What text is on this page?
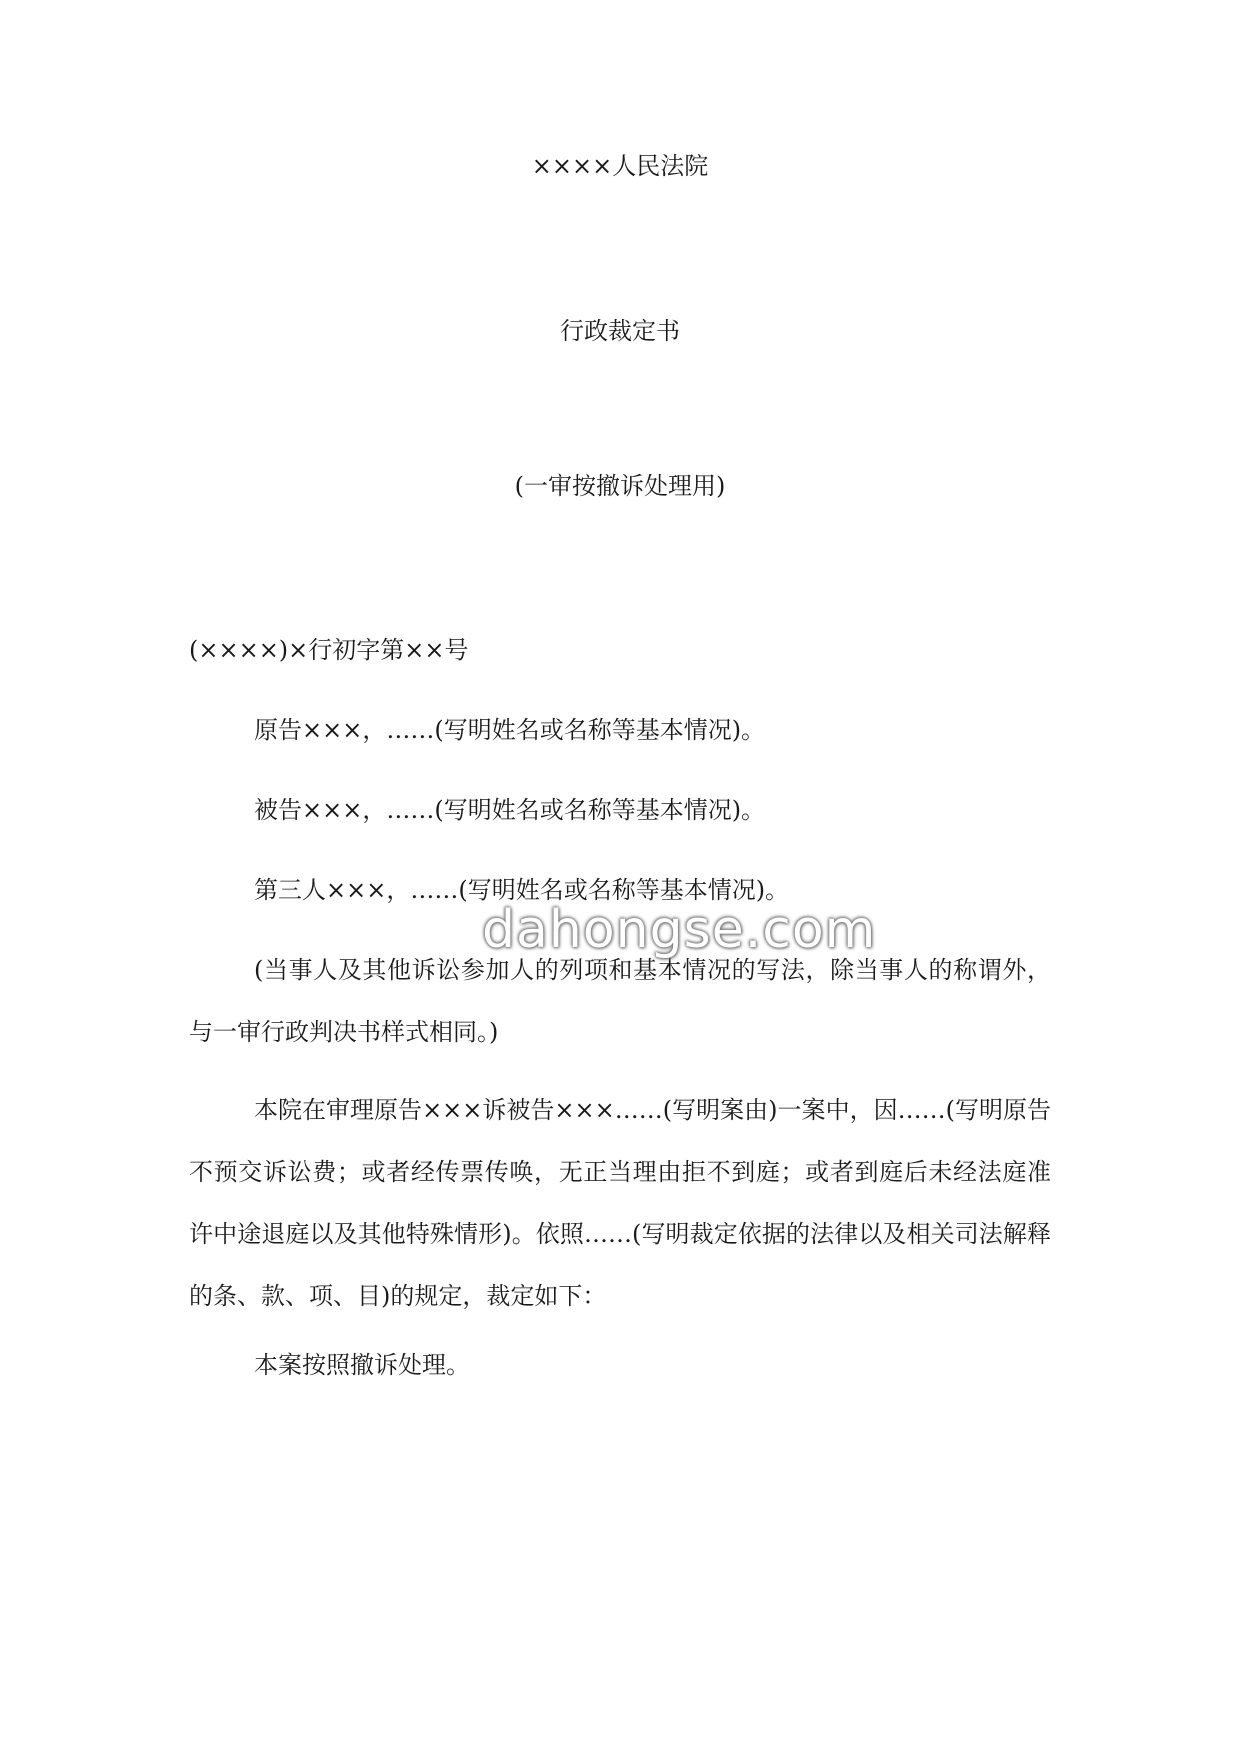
××××人民法院
行政裁定书
(一审按撤诉处理用)
(××××)×行初字第××号
原告×××，……(写明姓名或名称等基本情况)。
被告×××，……(写明姓名或名称等基本情况)。
第三人×××，……(写明姓名或名称等基本情况)。
(当事人及其他诉讼参加人的列项和基本情况的写法，除当事人的称谓外，与一审行政判决书样式相同。)
本院在审理原告×××诉被告×××……(写明案由)一案中，因……(写明原告不预交诉讼费；或者经传票传唤，无正当理由拒不到庭；或者到庭后未经法庭准许中途退庭以及其他特殊情形)。依照……(写明裁定依据的法律以及相关司法解释的条、款、项、目)的规定，裁定如下：
本案按照撤诉处理。
dahongse.com
